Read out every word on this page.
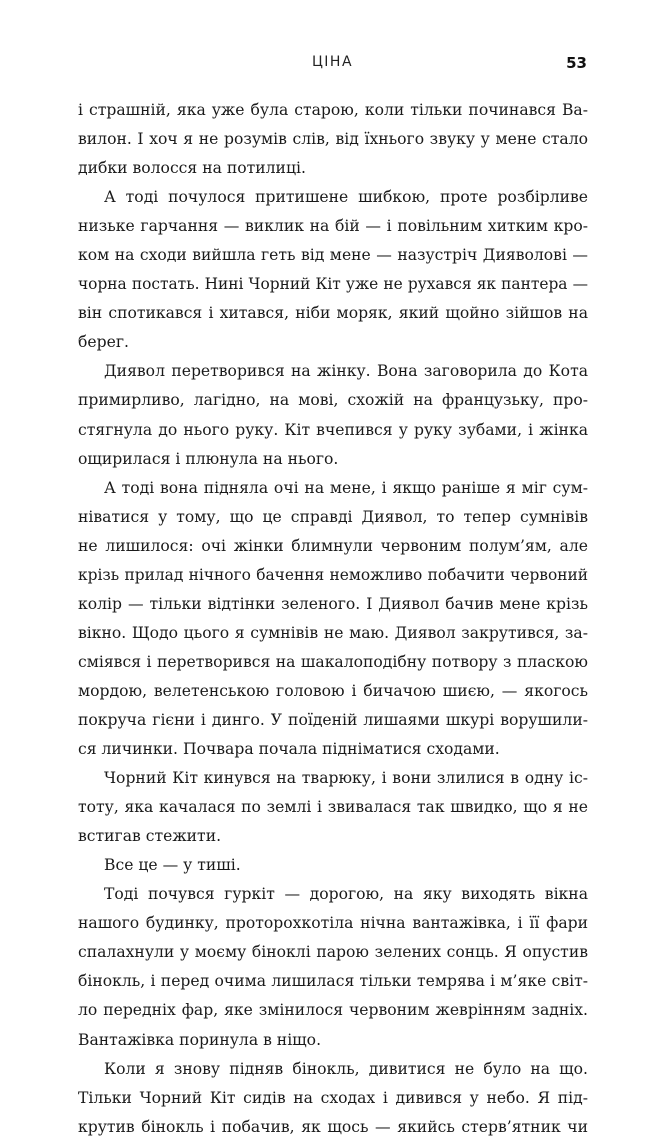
ЦІНА	53
і страшній, яка уже була старою, коли тільки починався Ва-
вилон. І хоч я не розумів слів, від їхнього звуку у мене стало
дибки волосся на потилиці.
А тоді почулося притишене шибкою, проте розбірливе
низьке гарчання — виклик на бій — і повільним хитким кро-
ком на сходи вийшла геть від мене — назустріч Дияволові —
чорна постать. Нині Чорний Кіт уже не рухався як пантера —
він спотикався і хитався, ніби моряк, який щойно зійшов на
берег.
Диявол перетворився на жінку. Вона заговорила до Кота
примирливо, лагідно, на мові, схожій на французьку, про-
стягнула до нього руку. Кіт вчепився у руку зубами, і жінка
ощирилася і плюнула на нього.
А тоді вона підняла очі на мене, і якщо раніше я міг сум-
ніватися у тому, що це справді Диявол, то тепер сумнівів
не лишилося: очі жінки блимнули червоним полум’ям, але
крізь прилад нічного бачення неможливо побачити червоний
колір — тільки відтінки зеленого. І Диявол бачив мене крізь
вікно. Щодо цього я сумнівів не маю. Диявол закрутився, за-
сміявся і перетворився на шакалоподібну потвору з пласкою
мордою, велетенською головою і бичачою шиєю, — якогось
покруча гієни і динго. У поїденій лишаями шкурі ворушили-
ся личинки. Почвара почала підніматися сходами.
Чорний Кіт кинувся на тварюку, і вони злилися в одну іс-
тоту, яка качалася по землі і звивалася так швидко, що я не
встигав стежити.
Все це — у тиші.
Тоді почувся гуркіт — дорогою, на яку виходять вікна
нашого будинку, проторохкотіла нічна вантажівка, і її фари
спалахнули у моєму біноклі парою зелених сонць. Я опустив
бінокль, і перед очима лишилася тільки темрява і м’яке світ-
ло передніх фар, яке змінилося червоним жеврінням задніх.
Вантажівка поринула в ніщо.
Коли я знову підняв бінокль, дивитися не було на що.
Тільки Чорний Кіт сидів на сходах і дивився у небо. Я під-
крутив бінокль і побачив, як щось — якийсь стерв’ятник чи
